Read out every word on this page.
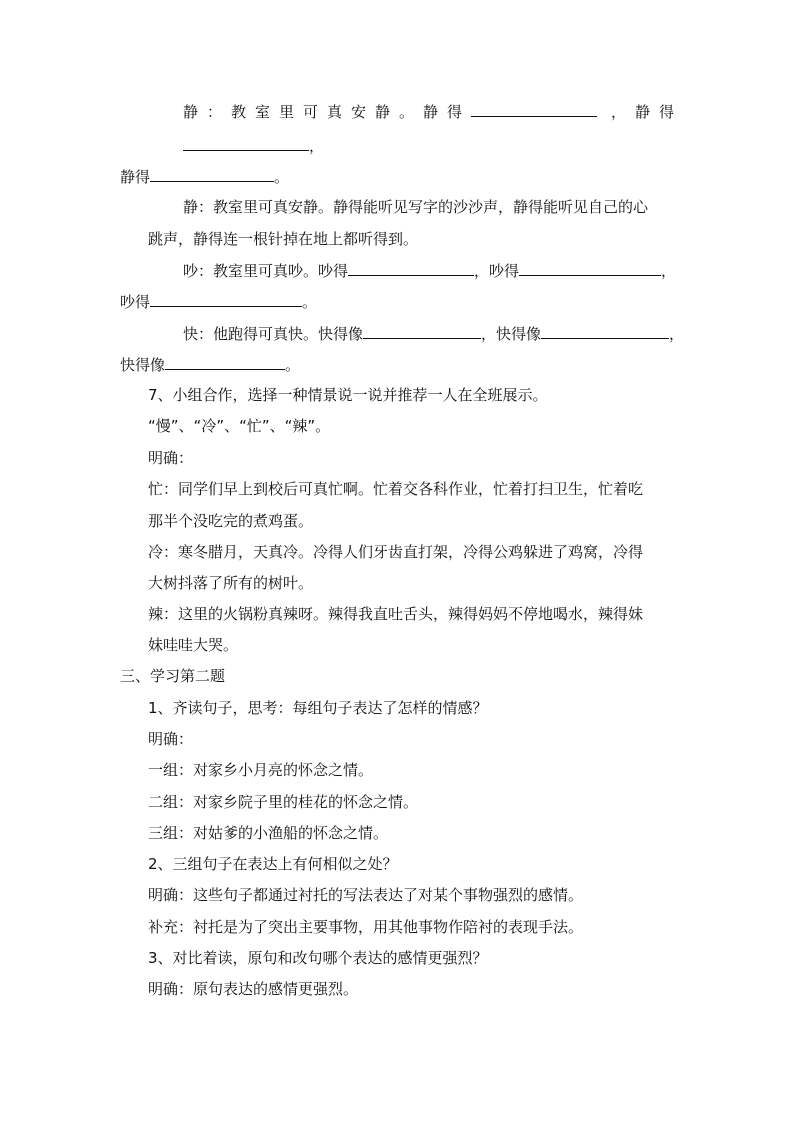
静：教室里可真安静。静得	，静得
，
静得	。
静：教室里可真安静。静得能听见写字的沙沙声，静得能听见自己的心
跳声，静得连一根针掉在地上都听得到。
吵：教室里可真吵。吵得	，吵得	，
吵得	。
快：他跑得可真快。快得像	，快得像	，
快得像	。
7、小组合作，选择一种情景说一说并推荐一人在全班展示。
“慢”、“冷”、“忙”、“辣”。
明确：
忙：同学们早上到校后可真忙啊。忙着交各科作业，忙着打扫卫生，忙着吃
那半个没吃完的煮鸡蛋。
冷：寒冬腊月，天真冷。冷得人们牙齿直打架，冷得公鸡躲进了鸡窝，冷得
大树抖落了所有的树叶。
辣：这里的火锅粉真辣呀。辣得我直吐舌头，辣得妈妈不停地喝水，辣得妹
妹哇哇大哭。
三、学习第二题
1、齐读句子，思考：每组句子表达了怎样的情感？
明确：
一组：对家乡小月亮的怀念之情。
二组：对家乡院子里的桂花的怀念之情。
三组：对姑爹的小渔船的怀念之情。
2、三组句子在表达上有何相似之处？
明确：这些句子都通过衬托的写法表达了对某个事物强烈的感情。
补充：衬托是为了突出主要事物，用其他事物作陪衬的表现手法。
3、对比着读，原句和改句哪个表达的感情更强烈？
明确：原句表达的感情更强烈。
